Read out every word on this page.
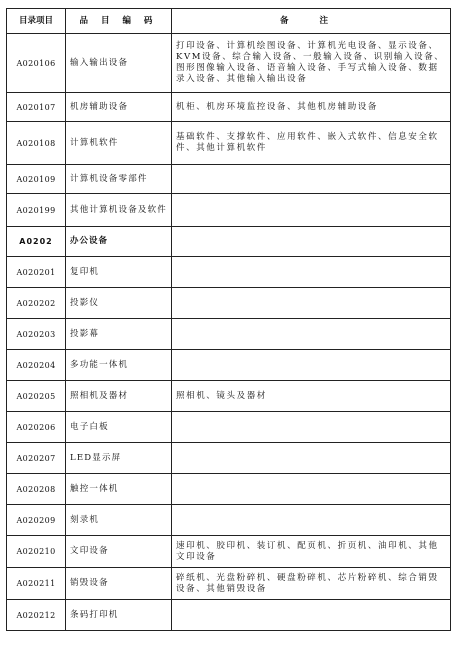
目录项目	品 目 编 码	备 注
A020106	输入输出设备	打印设备、计算机绘图设备、计算机光电设备、显示设备、KVM设备、综合输入设备、一般输入设备、识别输入设备、图形图像输入设备、语音输入设备、手写式输入设备、数据录入设备、其他输入输出设备
A020107	机房辅助设备	机柜、机房环境监控设备、其他机房辅助设备
A020108	计算机软件	基础软件、支撑软件、应用软件、嵌入式软件、信息安全软件、其他计算机软件
A020109	计算机设备零部件	
A020199	其他计算机设备及软件	
A0202	办公设备	
A020201	复印机	
A020202	投影仪	
A020203	投影幕	
A020204	多功能一体机	
A020205	照相机及器材	照相机、镜头及器材
A020206	电子白板	
A020207	LED显示屏	
A020208	触控一体机	
A020209	刻录机	
A020210	文印设备	速印机、胶印机、装订机、配页机、折页机、油印机、其他文印设备
A020211	销毁设备	碎纸机、光盘粉碎机、硬盘粉碎机、芯片粉碎机、综合销毁设备、其他销毁设备
A020212	条码打印机	
